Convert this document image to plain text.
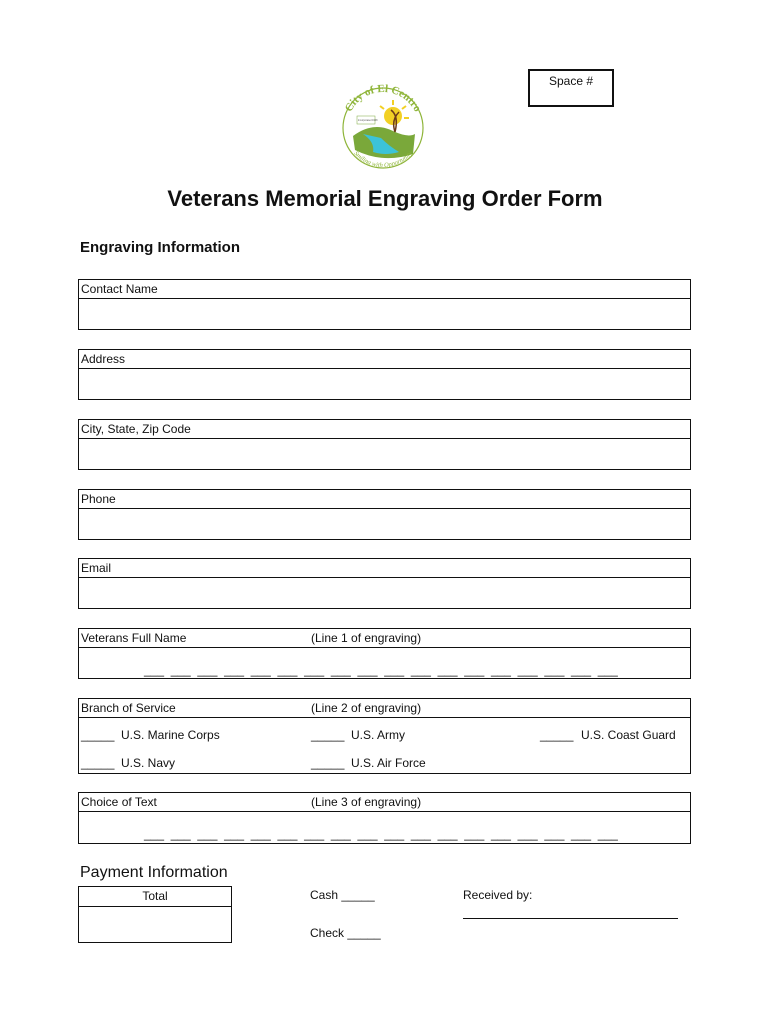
Space #
Incorporated 1908
City of El Centro
Smiling with Opportunity
Veterans Memorial Engraving Order Form
Engraving Information
Contact Name
Address
City, State, Zip Code
Phone
Email
Veterans Full Name	(Line 1 of engraving)
___  ___  ___  ___  ___  ___  ___  ___  ___  ___  ___  ___  ___  ___  ___  ___  ___  ___
Branch of Service	(Line 2 of engraving)
_____ U.S. Marine Corps	_____ U.S. Army	_____ U.S. Coast Guard
_____ U.S. Navy	_____ U.S. Air Force
Choice of Text	(Line 3 of engraving)
___  ___  ___  ___  ___  ___  ___  ___  ___  ___  ___  ___  ___  ___  ___  ___  ___  ___
Payment Information
Total	Cash _____
Check _____
Received by:
